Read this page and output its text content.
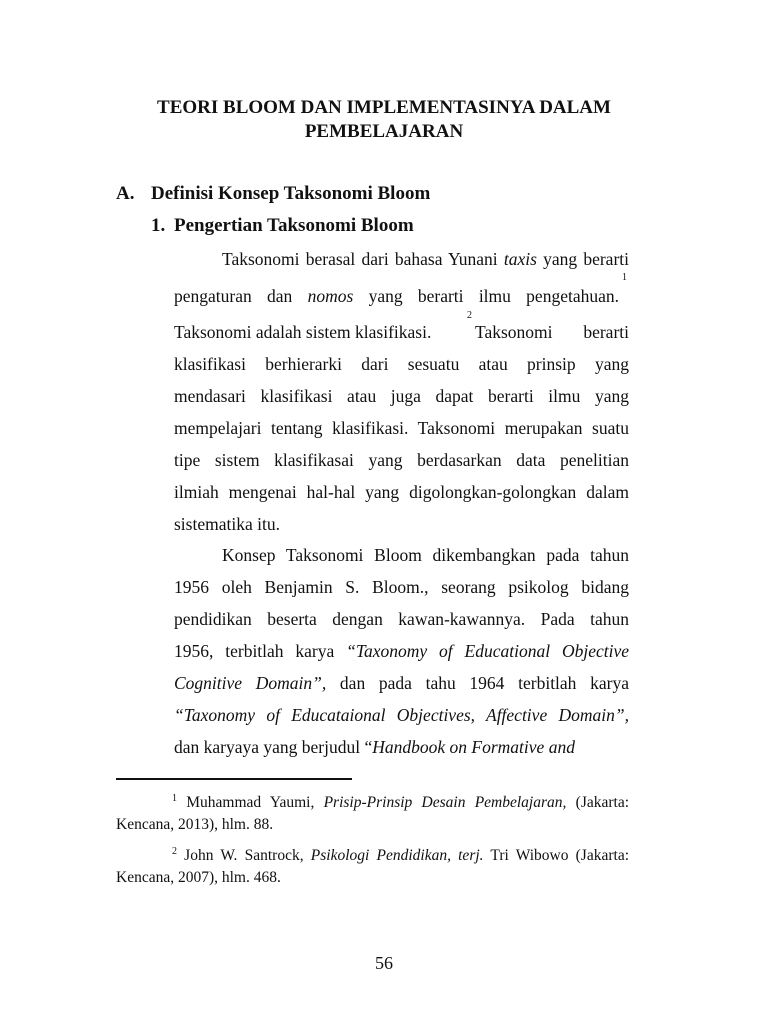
TEORI BLOOM DAN IMPLEMENTASINYA DALAM
PEMBELAJARAN
A. Definisi Konsep Taksonomi Bloom
1. Pengertian Taksonomi Bloom
Taksonomi berasal dari bahasa Yunani taxis yang berarti
1
pengaturan dan nomos yang berarti ilmu pengetahuan.
2
Taksonomi adalah sistem klasifikasi. Taksonomi berarti
klasifikasi berhierarki dari sesuatu atau prinsip yang
mendasari klasifikasi atau juga dapat berarti ilmu yang
mempelajari tentang klasifikasi. Taksonomi merupakan suatu
tipe sistem klasifikasai yang berdasarkan data penelitian
ilmiah mengenai hal-hal yang digolongkan-golongkan dalam
sistematika itu.
Konsep Taksonomi Bloom dikembangkan pada tahun
1956 oleh Benjamin S. Bloom., seorang psikolog bidang
pendidikan beserta dengan kawan-kawannya. Pada tahun
1956, terbitlah karya “Taxonomy of Educational Objective
Cognitive Domain”, dan pada tahu 1964 terbitlah karya
“Taxonomy of Educataional Objectives, Affective Domain”,
dan karyaya yang berjudul “Handbook on Formative and
$^1$ Muhammad Yaumi, Prisip-Prinsip Desain Pembelajaran, (Jakarta:
Kencana, 2013), hlm. 88.
$^2$ John W. Santrock, Psikologi Pendidikan, terj. Tri Wibowo (Jakarta:
Kencana, 2007), hlm. 468.
56
